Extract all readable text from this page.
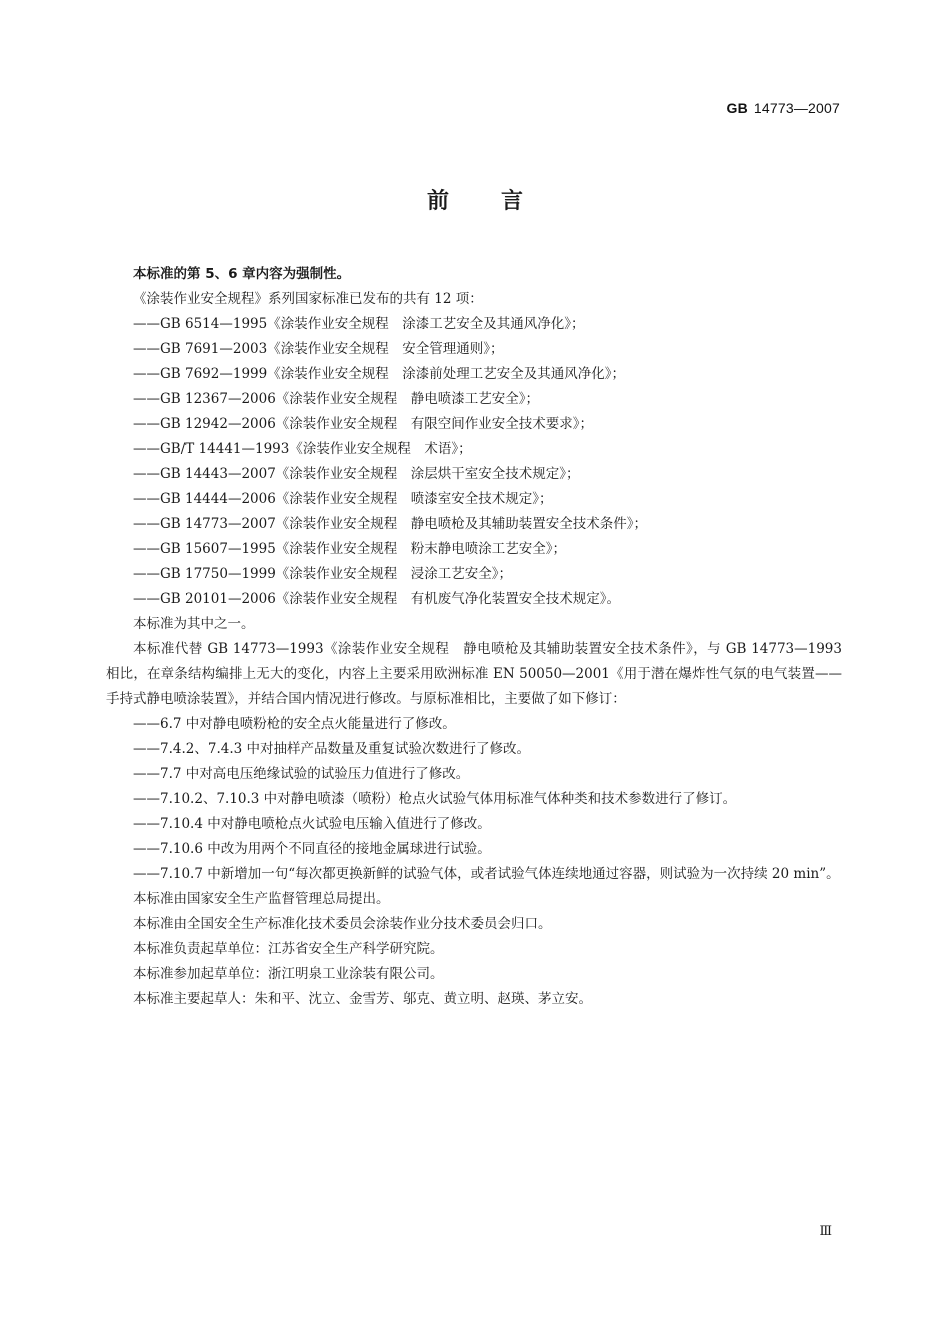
GB 14773—2007
前言

本标准的第 5、6 章内容为强制性。

《涂装作业安全规程》系列国家标准已发布的共有 12 项：

——GB 6514—1995《涂装作业安全规程　涂漆工艺安全及其通风净化》；

——GB 7691—2003《涂装作业安全规程　安全管理通则》；

——GB 7692—1999《涂装作业安全规程　涂漆前处理工艺安全及其通风净化》；

——GB 12367—2006《涂装作业安全规程　静电喷漆工艺安全》；

——GB 12942—2006《涂装作业安全规程　有限空间作业安全技术要求》；

——GB/T 14441—1993《涂装作业安全规程　术语》；

——GB 14443—2007《涂装作业安全规程　涂层烘干室安全技术规定》；

——GB 14444—2006《涂装作业安全规程　喷漆室安全技术规定》；

——GB 14773—2007《涂装作业安全规程　静电喷枪及其辅助装置安全技术条件》；

——GB 15607—1995《涂装作业安全规程　粉末静电喷涂工艺安全》；

——GB 17750—1999《涂装作业安全规程　浸涂工艺安全》；

——GB 20101—2006《涂装作业安全规程　有机废气净化装置安全技术规定》。

本标准为其中之一。

本标准代替 GB 14773—1993《涂装作业安全规程　静电喷枪及其辅助装置安全技术条件》，与 GB 14773—1993 相比，在章条结构编排上无大的变化，内容上主要采用欧洲标准 EN 50050—2001《用于潜在爆炸性气氛的电气装置——手持式静电喷涂装置》，并结合国内情况进行修改。与原标准相比，主要做了如下修订：

——6.7 中对静电喷粉枪的安全点火能量进行了修改。

——7.4.2、7.4.3 中对抽样产品数量及重复试验次数进行了修改。

——7.7 中对高电压绝缘试验的试验压力值进行了修改。

——7.10.2、7.10.3 中对静电喷漆（喷粉）枪点火试验气体用标准气体种类和技术参数进行了修订。

——7.10.4 中对静电喷枪点火试验电压输入值进行了修改。

——7.10.6 中改为用两个不同直径的接地金属球进行试验。

——7.10.7 中新增加一句“每次都更换新鲜的试验气体，或者试验气体连续地通过容器，则试验为一次持续 20 min”。

本标准由国家安全生产监督管理总局提出。

本标准由全国安全生产标准化技术委员会涂装作业分技术委员会归口。

本标准负责起草单位：江苏省安全生产科学研究院。

本标准参加起草单位：浙江明泉工业涂装有限公司。

本标准主要起草人：朱和平、沈立、金雪芳、邬克、黄立明、赵瑛、茅立安。

Ⅲ
